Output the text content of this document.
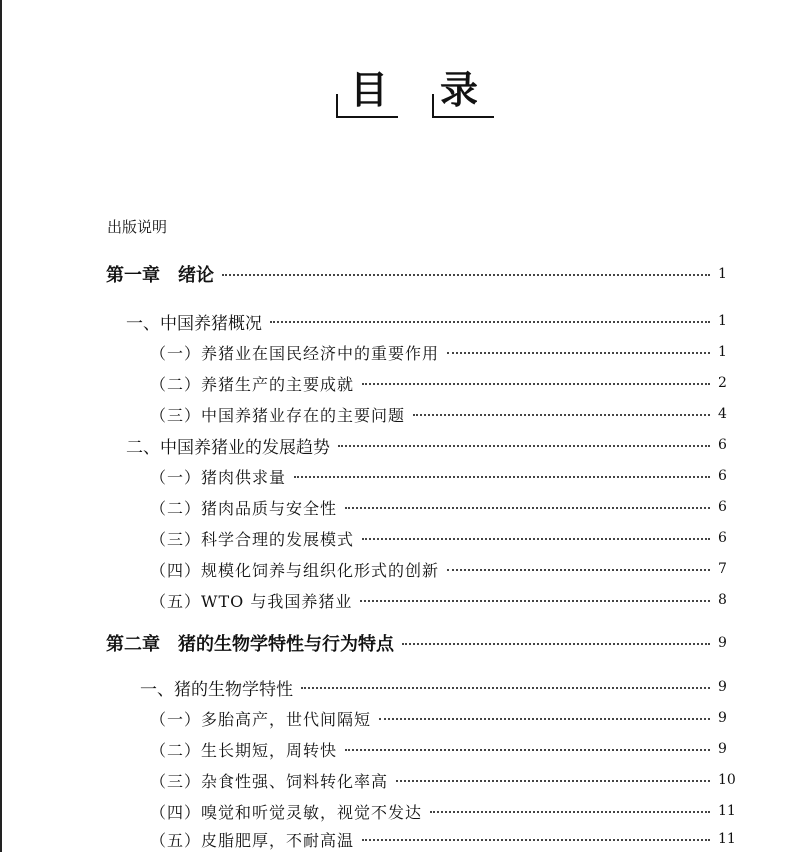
目 录
出版说明
第一章　绪论	1
一、中国养猪概况	1
（一）养猪业在国民经济中的重要作用	1
（二）养猪生产的主要成就	2
（三）中国养猪业存在的主要问题	4
二、中国养猪业的发展趋势	6
（一）猪肉供求量	6
（二）猪肉品质与安全性	6
（三）科学合理的发展模式	6
（四）规模化饲养与组织化形式的创新	7
（五）WTO 与我国养猪业	8
第二章　猪的生物学特性与行为特点	9
一、猪的生物学特性	9
（一）多胎高产，世代间隔短	9
（二）生长期短，周转快	9
（三）杂食性强、饲料转化率高	10
（四）嗅觉和听觉灵敏，视觉不发达	11
（五）皮脂肥厚，不耐高温	11
